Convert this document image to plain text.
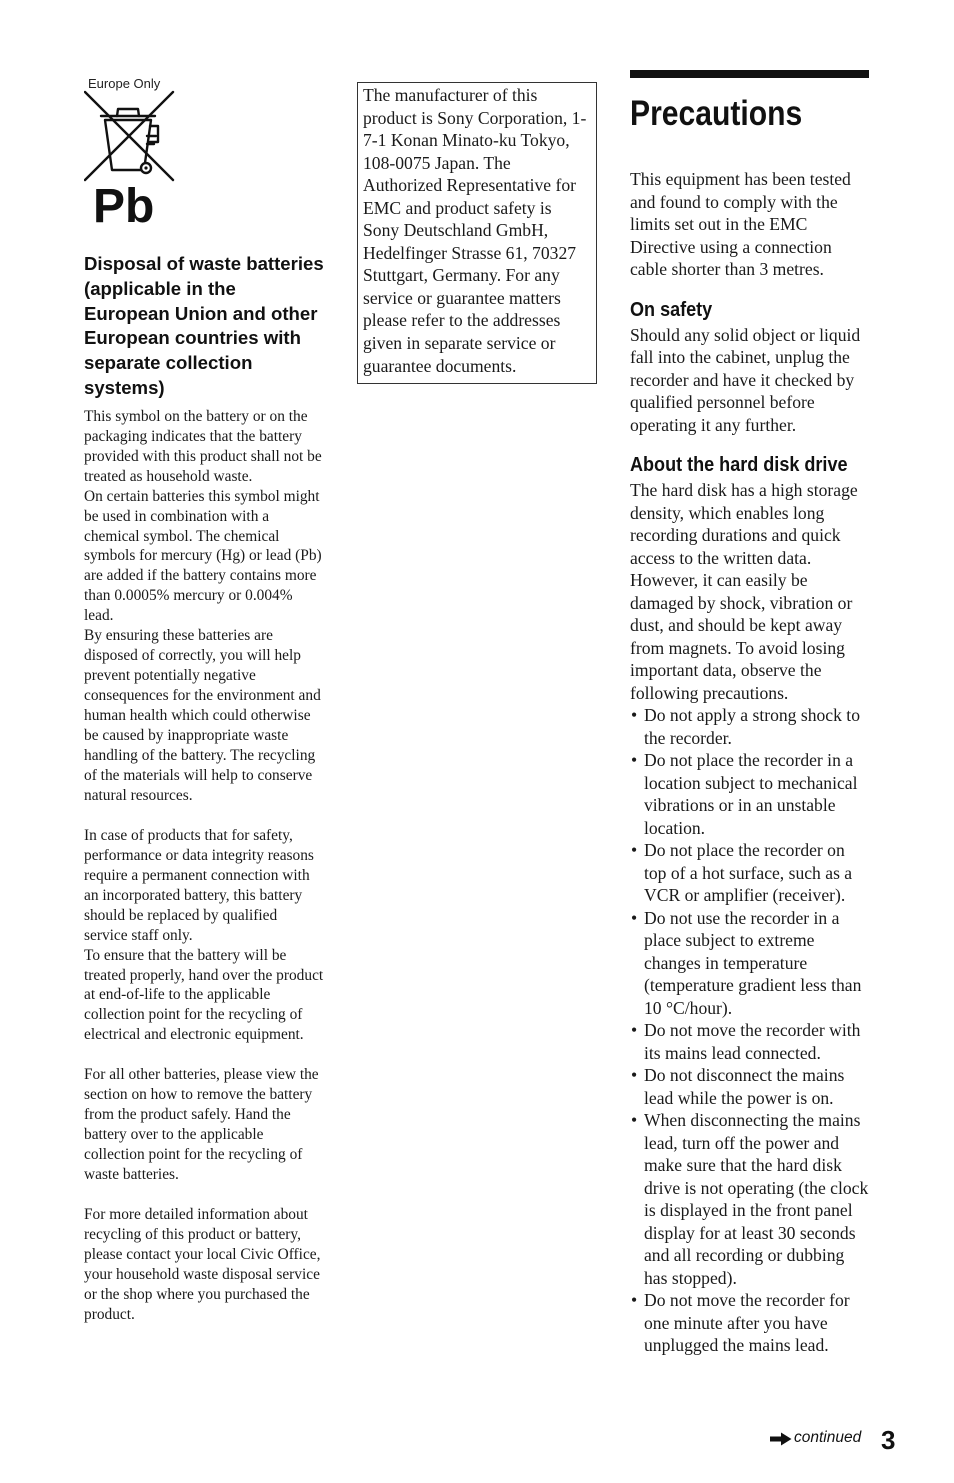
Europe Only
Pb
Disposal of waste batteries (applicable in the European Union and other European countries with separate collection systems)

This symbol on the battery or on the packaging indicates that the battery provided with this product shall not be treated as household waste.

On certain batteries this symbol might be used in combination with a chemical symbol. The chemical symbols for mercury (Hg) or lead (Pb) are added if the battery contains more than 0.0005% mercury or 0.004% lead.

By ensuring these batteries are disposed of correctly, you will help prevent potentially negative consequences for the environment and human health which could otherwise be caused by inappropriate waste handling of the battery. The recycling of the materials will help to conserve natural resources.

In case of products that for safety, performance or data integrity reasons require a permanent connection with an incorporated battery, this battery should be replaced by qualified service staff only.

To ensure that the battery will be treated properly, hand over the product at end-of-life to the applicable collection point for the recycling of electrical and electronic equipment.

For all other batteries, please view the section on how to remove the battery from the product safely. Hand the battery over to the applicable collection point for the recycling of waste batteries.

For more detailed information about recycling of this product or battery, please contact your local Civic Office, your household waste disposal service or the shop where you purchased the product.

The manufacturer of this product is Sony Corporation, 1-7-1 Konan Minato-ku Tokyo, 108-0075 Japan. The Authorized Representative for EMC and product safety is Sony Deutschland GmbH, Hedelfinger Strasse 61, 70327 Stuttgart, Germany. For any service or guarantee matters please refer to the addresses given in separate service or guarantee documents.

Precautions

This equipment has been tested and found to comply with the limits set out in the EMC Directive using a connection cable shorter than 3 metres.

On safety

Should any solid object or liquid fall into the cabinet, unplug the recorder and have it checked by qualified personnel before operating it any further.

About the hard disk drive

The hard disk has a high storage density, which enables long recording durations and quick access to the written data. However, it can easily be damaged by shock, vibration or dust, and should be kept away from magnets. To avoid losing important data, observe the following precautions.

• Do not apply a strong shock to the recorder.
• Do not place the recorder in a location subject to mechanical vibrations or in an unstable location.
• Do not place the recorder on top of a hot surface, such as a VCR or amplifier (receiver).
• Do not use the recorder in a place subject to extreme changes in temperature (temperature gradient less than 10 °C/hour).
• Do not move the recorder with its mains lead connected.
• Do not disconnect the mains lead while the power is on.
• When disconnecting the mains lead, turn off the power and make sure that the hard disk drive is not operating (the clock is displayed in the front panel display for at least 30 seconds and all recording or dubbing has stopped).
• Do not move the recorder for one minute after you have unplugged the mains lead.
continued 3
